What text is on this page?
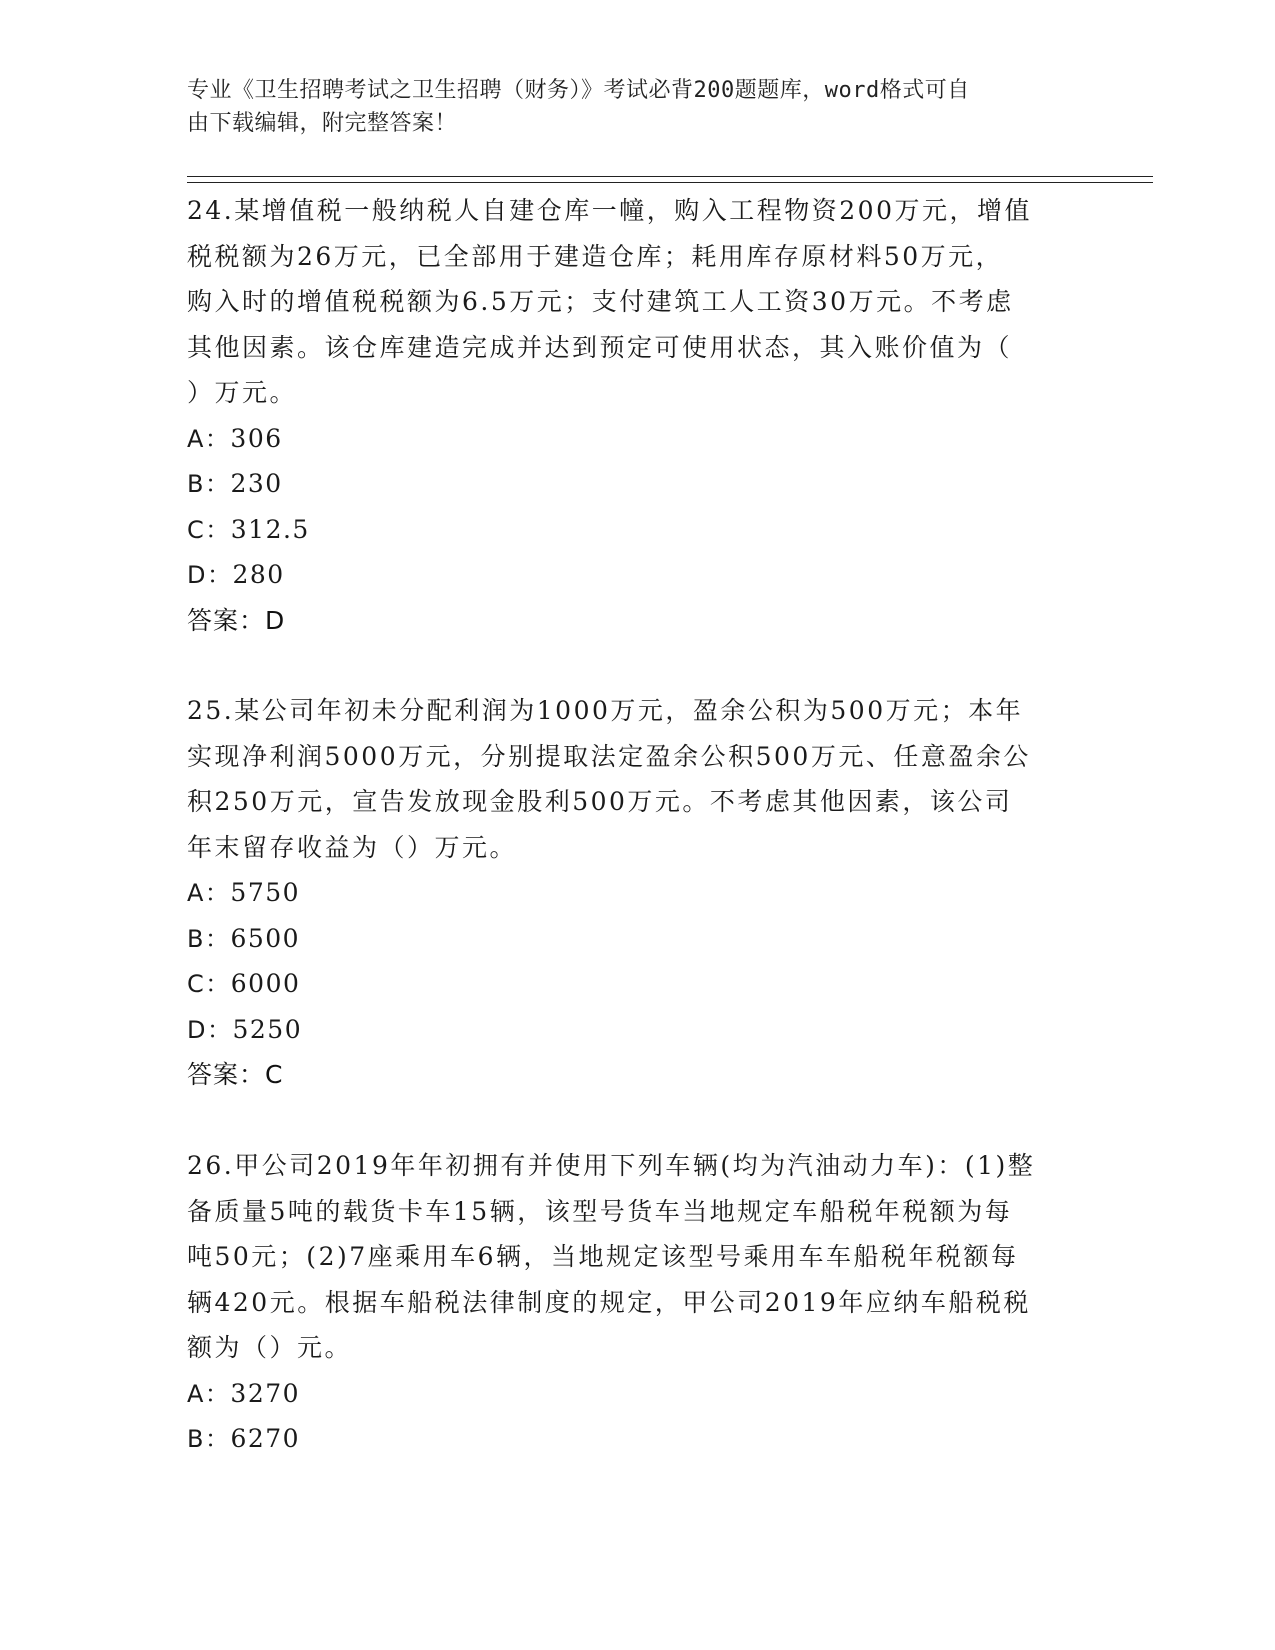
专业《卫生招聘考试之卫生招聘（财务）》考试必背200题题库，word格式可自
由下载编辑，附完整答案！
24.某增值税一般纳税人自建仓库一幢，购入工程物资200万元，增值
税税额为26万元，已全部用于建造仓库；耗用库存原材料50万元，
购入时的增值税税额为6.5万元；支付建筑工人工资30万元。不考虑
其他因素。该仓库建造完成并达到预定可使用状态，其入账价值为（
）万元。
A：306
B：230
C：312.5
D：280
答案：D
25.某公司年初未分配利润为1000万元，盈余公积为500万元；本年
实现净利润5000万元，分别提取法定盈余公积500万元、任意盈余公
积250万元，宣告发放现金股利500万元。不考虑其他因素，该公司
年末留存收益为（）万元。
A：5750
B：6500
C：6000
D：5250
答案：C
26.甲公司2019年年初拥有并使用下列车辆(均为汽油动力车)：(1)整
备质量5吨的载货卡车15辆，该型号货车当地规定车船税年税额为每
吨50元；(2)7座乘用车6辆，当地规定该型号乘用车车船税年税额每
辆420元。根据车船税法律制度的规定，甲公司2019年应纳车船税税
额为（）元。
A：3270
B：6270
